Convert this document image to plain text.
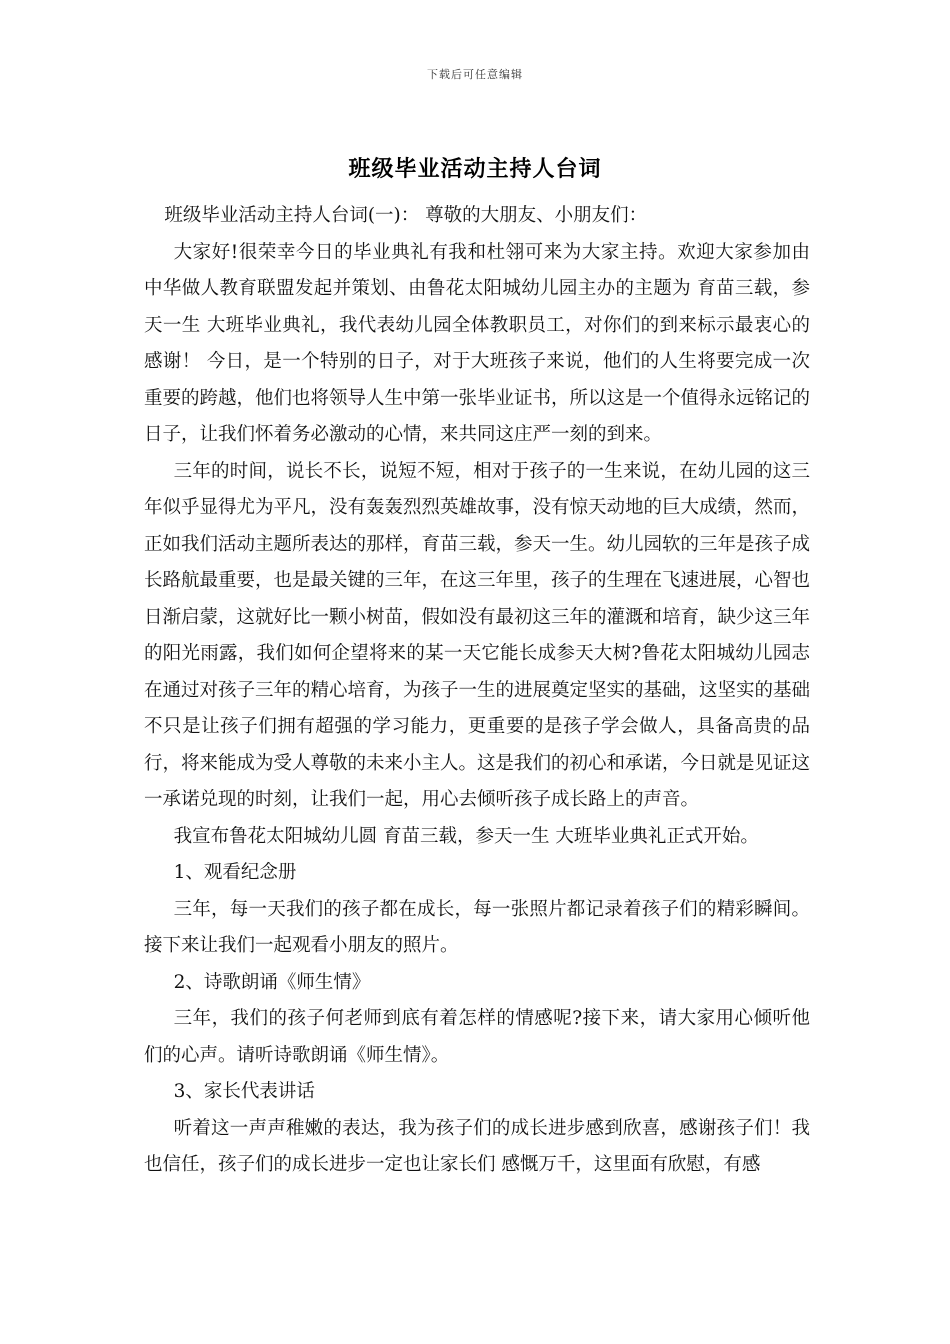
下载后可任意编辑
班级毕业活动主持人台词

班级毕业活动主持人台词(一)： 尊敬的大朋友、小朋友们：

大家好!很荣幸今日的毕业典礼有我和杜翎可来为大家主持。欢迎大家参加由中华做人教育联盟发起并策划、由鲁花太阳城幼儿园主办的主题为 育苗三载，参天一生 大班毕业典礼，我代表幼儿园全体教职员工，对你们的到来标示最衷心的感谢！ 今日，是一个特别的日子，对于大班孩子来说，他们的人生将要完成一次重要的跨越，他们也将领导人生中第一张毕业证书，所以这是一个值得永远铭记的日子，让我们怀着务必激动的心情，来共同这庄严一刻的到来。

三年的时间，说长不长，说短不短，相对于孩子的一生来说，在幼儿园的这三年似乎显得尤为平凡，没有轰轰烈烈英雄故事，没有惊天动地的巨大成绩，然而，正如我们活动主题所表达的那样，育苗三载，参天一生。幼儿园软的三年是孩子成长路航最重要，也是最关键的三年，在这三年里，孩子的生理在飞速进展，心智也日渐启蒙，这就好比一颗小树苗，假如没有最初这三年的灌溉和培育，缺少这三年的阳光雨露，我们如何企望将来的某一天它能长成参天大树?鲁花太阳城幼儿园志在通过对孩子三年的精心培育，为孩子一生的进展奠定坚实的基础，这坚实的基础不只是让孩子们拥有超强的学习能力，更重要的是孩子学会做人，具备高贵的品行，将来能成为受人尊敬的未来小主人。这是我们的初心和承诺，今日就是见证这一承诺兑现的时刻，让我们一起，用心去倾听孩子成长路上的声音。

我宣布鲁花太阳城幼儿圆 育苗三载，参天一生 大班毕业典礼正式开始。

1、观看纪念册

三年，每一天我们的孩子都在成长，每一张照片都记录着孩子们的精彩瞬间。接下来让我们一起观看小朋友的照片。

2、诗歌朗诵《师生情》

三年，我们的孩子何老师到底有着怎样的情感呢?接下来，请大家用心倾听他们的心声。请听诗歌朗诵《师生情》。

3、家长代表讲话

听着这一声声稚嫩的表达，我为孩子们的成长进步感到欣喜，感谢孩子们！我也信任，孩子们的成长进步一定也让家长们 感慨万千，这里面有欣慰，有感
